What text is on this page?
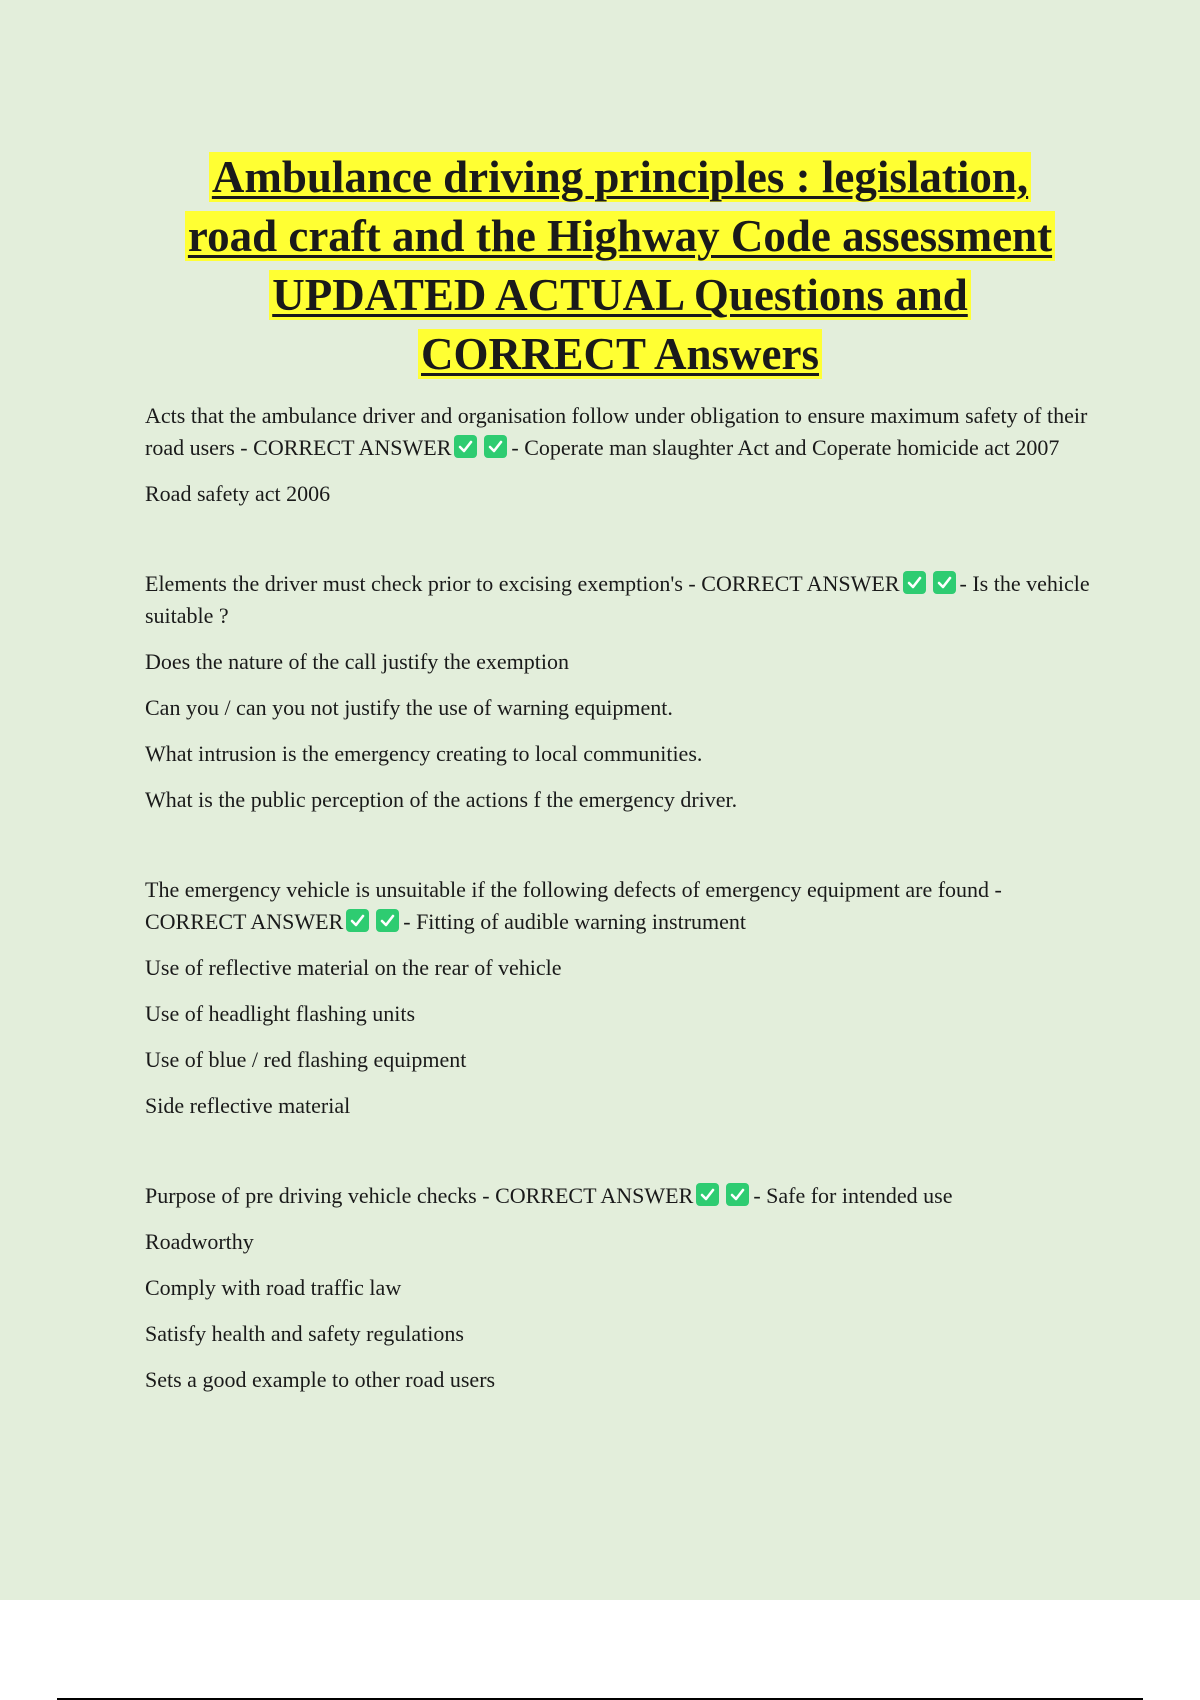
Ambulance driving principles : legislation,
road craft and the Highway Code assessment
UPDATED ACTUAL Questions and
CORRECT Answers

Acts that the ambulance driver and organisation follow under obligation to ensure maximum safety of their road users - CORRECT ANSWER	- Coperate man slaughter Act and Coperate homicide act 2007

Road safety act 2006

Elements the driver must check prior to excising exemption's - CORRECT ANSWER	- Is the vehicle suitable ?

Does the nature of the call justify the exemption

Can you / can you not justify the use of warning equipment.

What intrusion is the emergency creating to local communities.

What is the public perception of the actions f the emergency driver.

The emergency vehicle is unsuitable if the following defects of emergency equipment are found - CORRECT ANSWER	- Fitting of audible warning instrument

Use of reflective material on the rear of vehicle

Use of headlight flashing units

Use of blue / red flashing equipment

Side reflective material

Purpose of pre driving vehicle checks - CORRECT ANSWER	- Safe for intended use

Roadworthy

Comply with road traffic law

Satisfy health and safety regulations

Sets a good example to other road users
